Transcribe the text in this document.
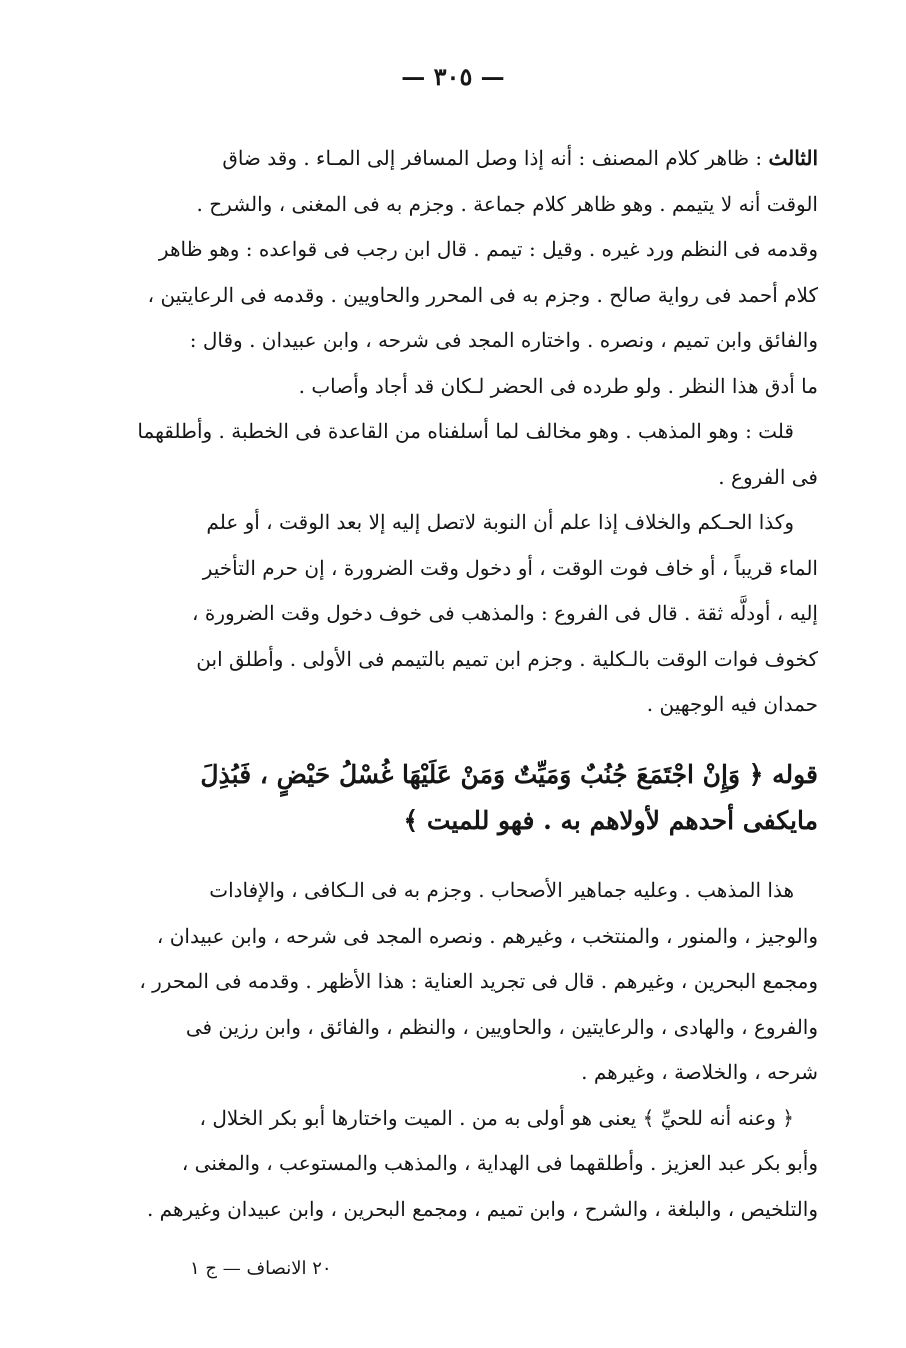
— ٣٠٥ —
الثالث : ظاهر كلام المصنف : أنه إذا وصل المسافر إلى المـاء . وقد ضاق
الوقت أنه لا يتيمم . وهو ظاهر كلام جماعة . وجزم به فى المغنى ، والشرح .
وقدمه فى النظم ورد غيره . وقيل : تيمم . قال ابن رجب فى قواعده : وهو ظاهر
كلام أحمد فى رواية صالح . وجزم به فى المحرر والحاويين . وقدمه فى الرعايتين ،
والفائق وابن تميم ، ونصره . واختاره المجد فى شرحه ، وابن عبيدان . وقال :
ما أدق هذا النظر . ولو طرده فى الحضر لـكان قد أجاد وأصاب .
قلت : وهو المذهب . وهو مخالف لما أسلفناه من القاعدة فى الخطبة . وأطلقهما
فى الفروع .
وكذا الحـكم والخلاف إذا علم أن النوبة لاتصل إليه إلا بعد الوقت ، أو علم
الماء قريباً ، أو خاف فوت الوقت ، أو دخول وقت الضرورة ، إن حرم التأخير
إليه ، أودلَّه ثقة . قال فى الفروع : والمذهب فى خوف دخول وقت الضرورة ،
كخوف فوات الوقت بالـكلية . وجزم ابن تميم بالتيمم فى الأولى . وأطلق ابن
حمدان فيه الوجهين .
قوله ﴿ وَإِنْ اجْتَمَعَ جُنُبٌ وَمَيِّتٌ وَمَنْ عَلَيْهَا غُسْلُ حَيْضٍ ، فَبُذِلَ
مايكفى أحدهم لأولاهم به . فهو للميت ﴾
هذا المذهب . وعليه جماهير الأصحاب . وجزم به فى الـكافى ، والإفادات
والوجيز ، والمنور ، والمنتخب ، وغيرهم . ونصره المجد فى شرحه ، وابن عبيدان ،
ومجمع البحرين ، وغيرهم . قال فى تجريد العناية : هذا الأظهر . وقدمه فى المحرر ،
والفروع ، والهادى ، والرعايتين ، والحاويين ، والنظم ، والفائق ، وابن رزين فى
شرحه ، والخلاصة ، وغيرهم .
﴿ وعنه أنه للحيِّ ﴾ يعنى هو أولى به من . الميت واختارها أبو بكر الخلال ،
وأبو بكر عبد العزيز . وأطلقهما فى الهداية ، والمذهب والمستوعب ، والمغنى ،
والتلخيص ، والبلغة ، والشرح ، وابن تميم ، ومجمع البحرين ، وابن عبيدان وغيرهم .
٢٠ الانصاف — ج ١
